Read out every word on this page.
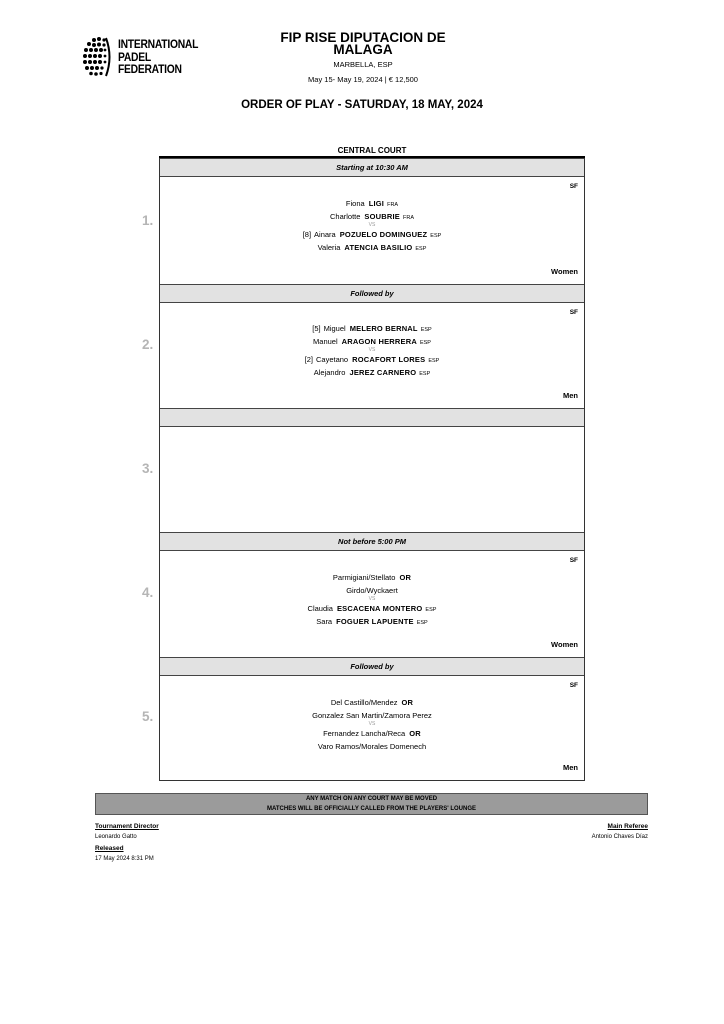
INTERNATIONAL
PADEL
FEDERATION
FIP RISE DIPUTACION DE
MALAGA
MARBELLA, ESP
May 15- May 19, 2024 | € 12,500
ORDER OF PLAY - SATURDAY, 18 MAY, 2024
CENTRAL COURT
Starting at 10:30 AM
SF
Fiona LIGI FRA
Charlotte SOUBRIE FRA
VS
[8] Ainara POZUELO DOMINGUEZ ESP
Valeria ATENCIA BASILIO ESP
Women
Followed by
SF
[5] Miguel MELERO BERNAL ESP
Manuel ARAGON HERRERA ESP
VS
[2] Cayetano ROCAFORT LORES ESP
Alejandro JEREZ CARNERO ESP
Men
Not before 5:00 PM
SF
Parmigiani/Stellato OR
Girdo/Wyckaert
VS
Claudia ESCACENA MONTERO ESP
Sara FOGUER LAPUENTE ESP
Women
Followed by
SF
Del Castillo/Mendez OR
Gonzalez San Martin/Zamora Perez
VS
Fernandez Lancha/Reca OR
Varo Ramos/Morales Domenech
Men
1.
2.
3.
4.
5.
ANY MATCH ON ANY COURT MAY BE MOVED
MATCHES WILL BE OFFICIALLY CALLED FROM THE PLAYERS' LOUNGE
Tournament Director
Leonardo Gatto
Released
17 May 2024 8:31 PM
Main Referee
Antonio Chaves Díaz
